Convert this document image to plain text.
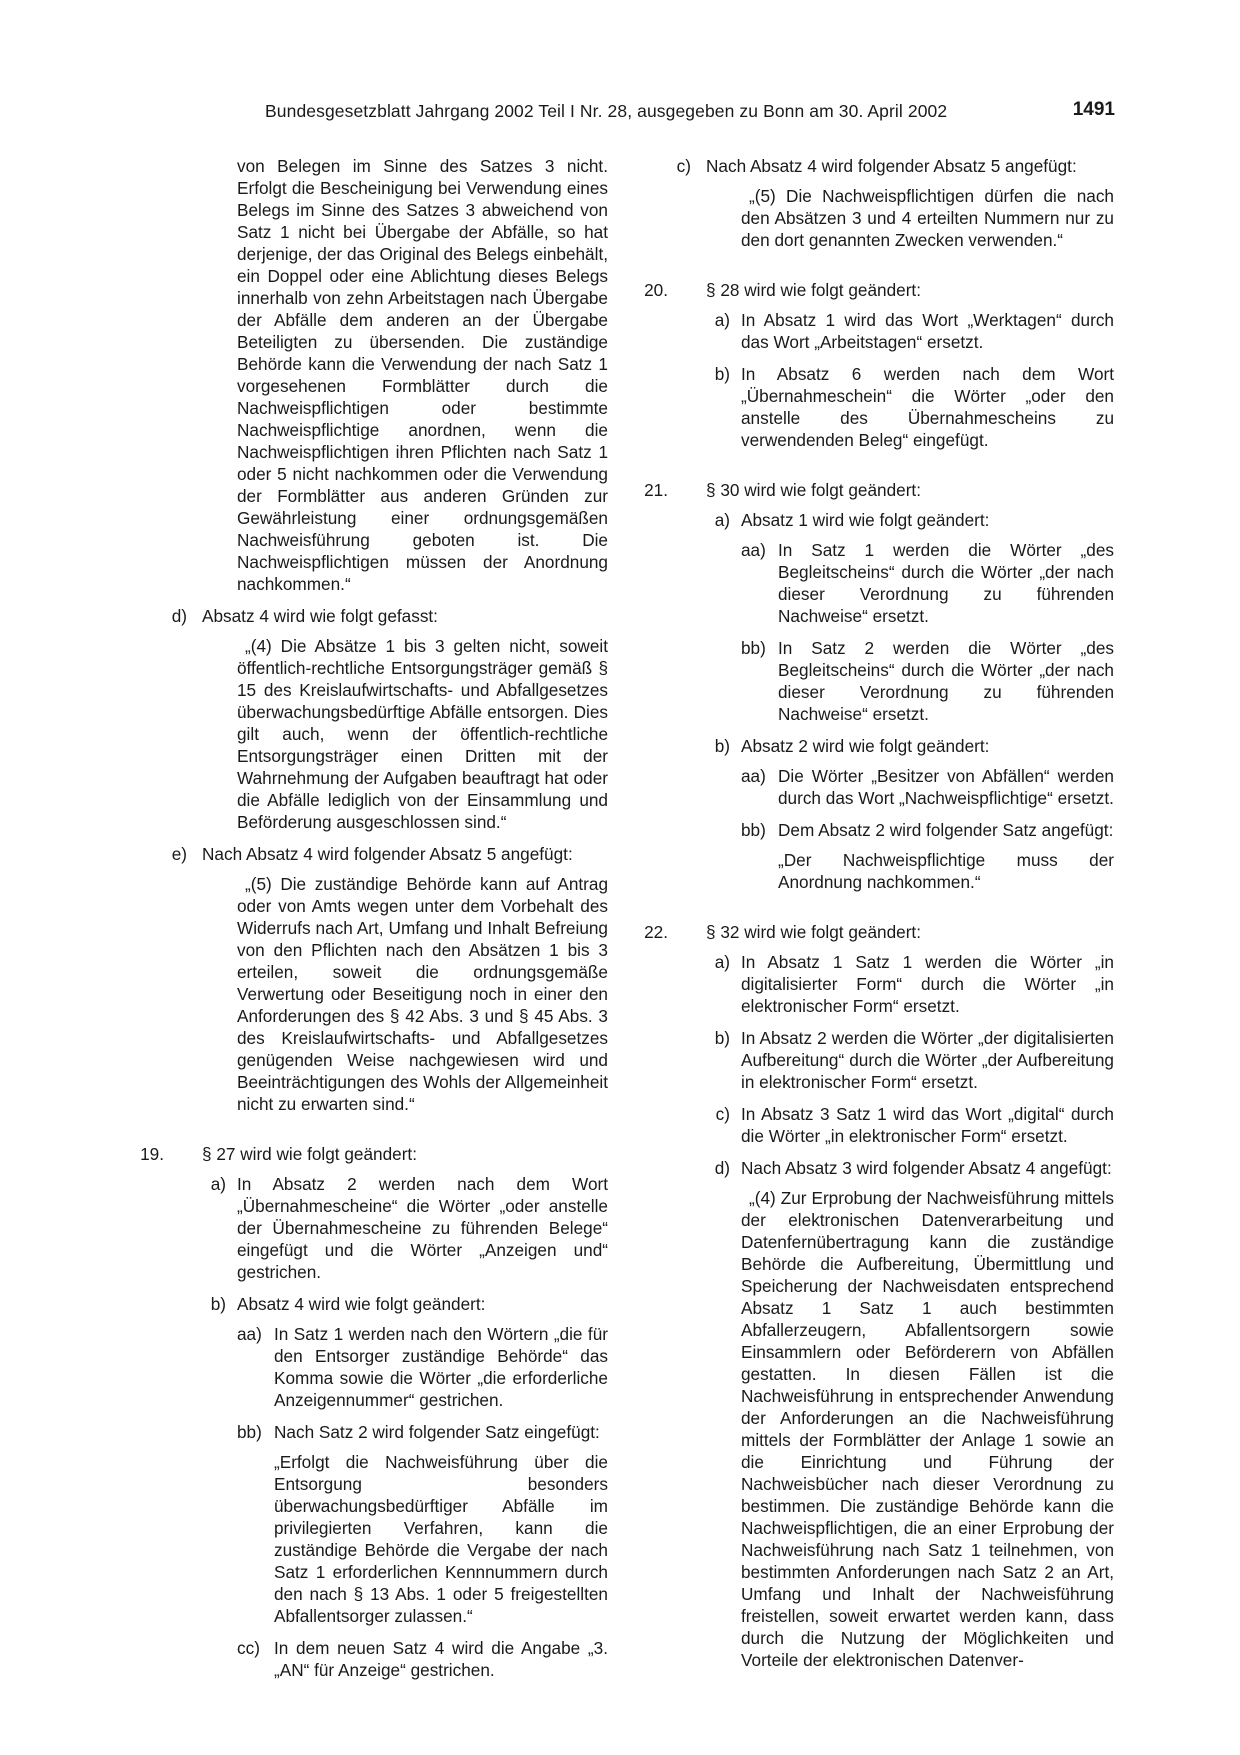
Bundesgesetzblatt Jahrgang 2002 Teil I Nr. 28, ausgegeben zu Bonn am 30. April 2002	1491

von Belegen im Sinne des Satzes 3 nicht. Erfolgt die Bescheinigung bei Verwendung eines Belegs im Sinne des Satzes 3 abweichend von Satz 1 nicht bei Übergabe der Abfälle, so hat derjenige, der das Original des Belegs einbehält, ein Doppel oder eine Ablichtung dieses Belegs innerhalb von zehn Arbeitstagen nach Übergabe der Abfälle dem anderen an der Übergabe Beteiligten zu übersenden. Die zuständige Behörde kann die Verwendung der nach Satz 1 vorgesehenen Formblätter durch die Nachweispflichtigen oder bestimmte Nachweispflichtige anordnen, wenn die Nachweispflichtigen ihren Pflichten nach Satz 1 oder 5 nicht nachkommen oder die Verwendung der Formblätter aus anderen Gründen zur Gewährleistung einer ordnungsgemäßen Nachweisführung geboten ist. Die Nachweispflichtigen müssen der Anordnung nachkommen.“

d) Absatz 4 wird wie folgt gefasst:

„(4) Die Absätze 1 bis 3 gelten nicht, soweit öffentlich-rechtliche Entsorgungsträger gemäß § 15 des Kreislaufwirtschafts- und Abfallgesetzes überwachungsbedürftige Abfälle entsorgen. Dies gilt auch, wenn der öffentlich-rechtliche Entsorgungsträger einen Dritten mit der Wahrnehmung der Aufgaben beauftragt hat oder die Abfälle lediglich von der Einsammlung und Beförderung ausgeschlossen sind.“

e) Nach Absatz 4 wird folgender Absatz 5 angefügt:

„(5) Die zuständige Behörde kann auf Antrag oder von Amts wegen unter dem Vorbehalt des Widerrufs nach Art, Umfang und Inhalt Befreiung von den Pflichten nach den Absätzen 1 bis 3 erteilen, soweit die ordnungsgemäße Verwertung oder Beseitigung noch in einer den Anforderungen des § 42 Abs. 3 und § 45 Abs. 3 des Kreislaufwirtschafts- und Abfallgesetzes genügenden Weise nachgewiesen wird und Beeinträchtigungen des Wohls der Allgemeinheit nicht zu erwarten sind.“

19. § 27 wird wie folgt geändert:

a) In Absatz 2 werden nach dem Wort „Übernahmescheine“ die Wörter „oder anstelle der Übernahmescheine zu führenden Belege“ eingefügt und die Wörter „Anzeigen und“ gestrichen.

b) Absatz 4 wird wie folgt geändert:

aa) In Satz 1 werden nach den Wörtern „die für den Entsorger zuständige Behörde“ das Komma sowie die Wörter „die erforderliche Anzeigennummer“ gestrichen.

bb) Nach Satz 2 wird folgender Satz eingefügt:

„Erfolgt die Nachweisführung über die Entsorgung besonders überwachungsbedürftiger Abfälle im privilegierten Verfahren, kann die zuständige Behörde die Vergabe der nach Satz 1 erforderlichen Kennnummern durch den nach § 13 Abs. 1 oder 5 freigestellten Abfallentsorger zulassen.“

cc) In dem neuen Satz 4 wird die Angabe „3. „AN“ für Anzeige“ gestrichen.

c) Nach Absatz 4 wird folgender Absatz 5 angefügt:

„(5) Die Nachweispflichtigen dürfen die nach den Absätzen 3 und 4 erteilten Nummern nur zu den dort genannten Zwecken verwenden.“

20. § 28 wird wie folgt geändert:

a) In Absatz 1 wird das Wort „Werktagen“ durch das Wort „Arbeitstagen“ ersetzt.

b) In Absatz 6 werden nach dem Wort „Übernahmeschein“ die Wörter „oder den anstelle des Übernahmescheins zu verwendenden Beleg“ eingefügt.

21. § 30 wird wie folgt geändert:

a) Absatz 1 wird wie folgt geändert:

aa) In Satz 1 werden die Wörter „des Begleitscheins“ durch die Wörter „der nach dieser Verordnung zu führenden Nachweise“ ersetzt.

bb) In Satz 2 werden die Wörter „des Begleitscheins“ durch die Wörter „der nach dieser Verordnung zu führenden Nachweise“ ersetzt.

b) Absatz 2 wird wie folgt geändert:

aa) Die Wörter „Besitzer von Abfällen“ werden durch das Wort „Nachweispflichtige“ ersetzt.

bb) Dem Absatz 2 wird folgender Satz angefügt:

„Der Nachweispflichtige muss der Anordnung nachkommen.“

22. § 32 wird wie folgt geändert:

a) In Absatz 1 Satz 1 werden die Wörter „in digitalisierter Form“ durch die Wörter „in elektronischer Form“ ersetzt.

b) In Absatz 2 werden die Wörter „der digitalisierten Aufbereitung“ durch die Wörter „der Aufbereitung in elektronischer Form“ ersetzt.

c) In Absatz 3 Satz 1 wird das Wort „digital“ durch die Wörter „in elektronischer Form“ ersetzt.

d) Nach Absatz 3 wird folgender Absatz 4 angefügt:

„(4) Zur Erprobung der Nachweisführung mittels der elektronischen Datenverarbeitung und Datenfernübertragung kann die zuständige Behörde die Aufbereitung, Übermittlung und Speicherung der Nachweisdaten entsprechend Absatz 1 Satz 1 auch bestimmten Abfallerzeugern, Abfallentsorgern sowie Einsammlern oder Beförderern von Abfällen gestatten. In diesen Fällen ist die Nachweisführung in entsprechender Anwendung der Anforderungen an die Nachweisführung mittels der Formblätter der Anlage 1 sowie an die Einrichtung und Führung der Nachweisbücher nach dieser Verordnung zu bestimmen. Die zuständige Behörde kann die Nachweispflichtigen, die an einer Erprobung der Nachweisführung nach Satz 1 teilnehmen, von bestimmten Anforderungen nach Satz 2 an Art, Umfang und Inhalt der Nachweisführung freistellen, soweit erwartet werden kann, dass durch die Nutzung der Möglichkeiten und Vorteile der elektronischen Datenver-
